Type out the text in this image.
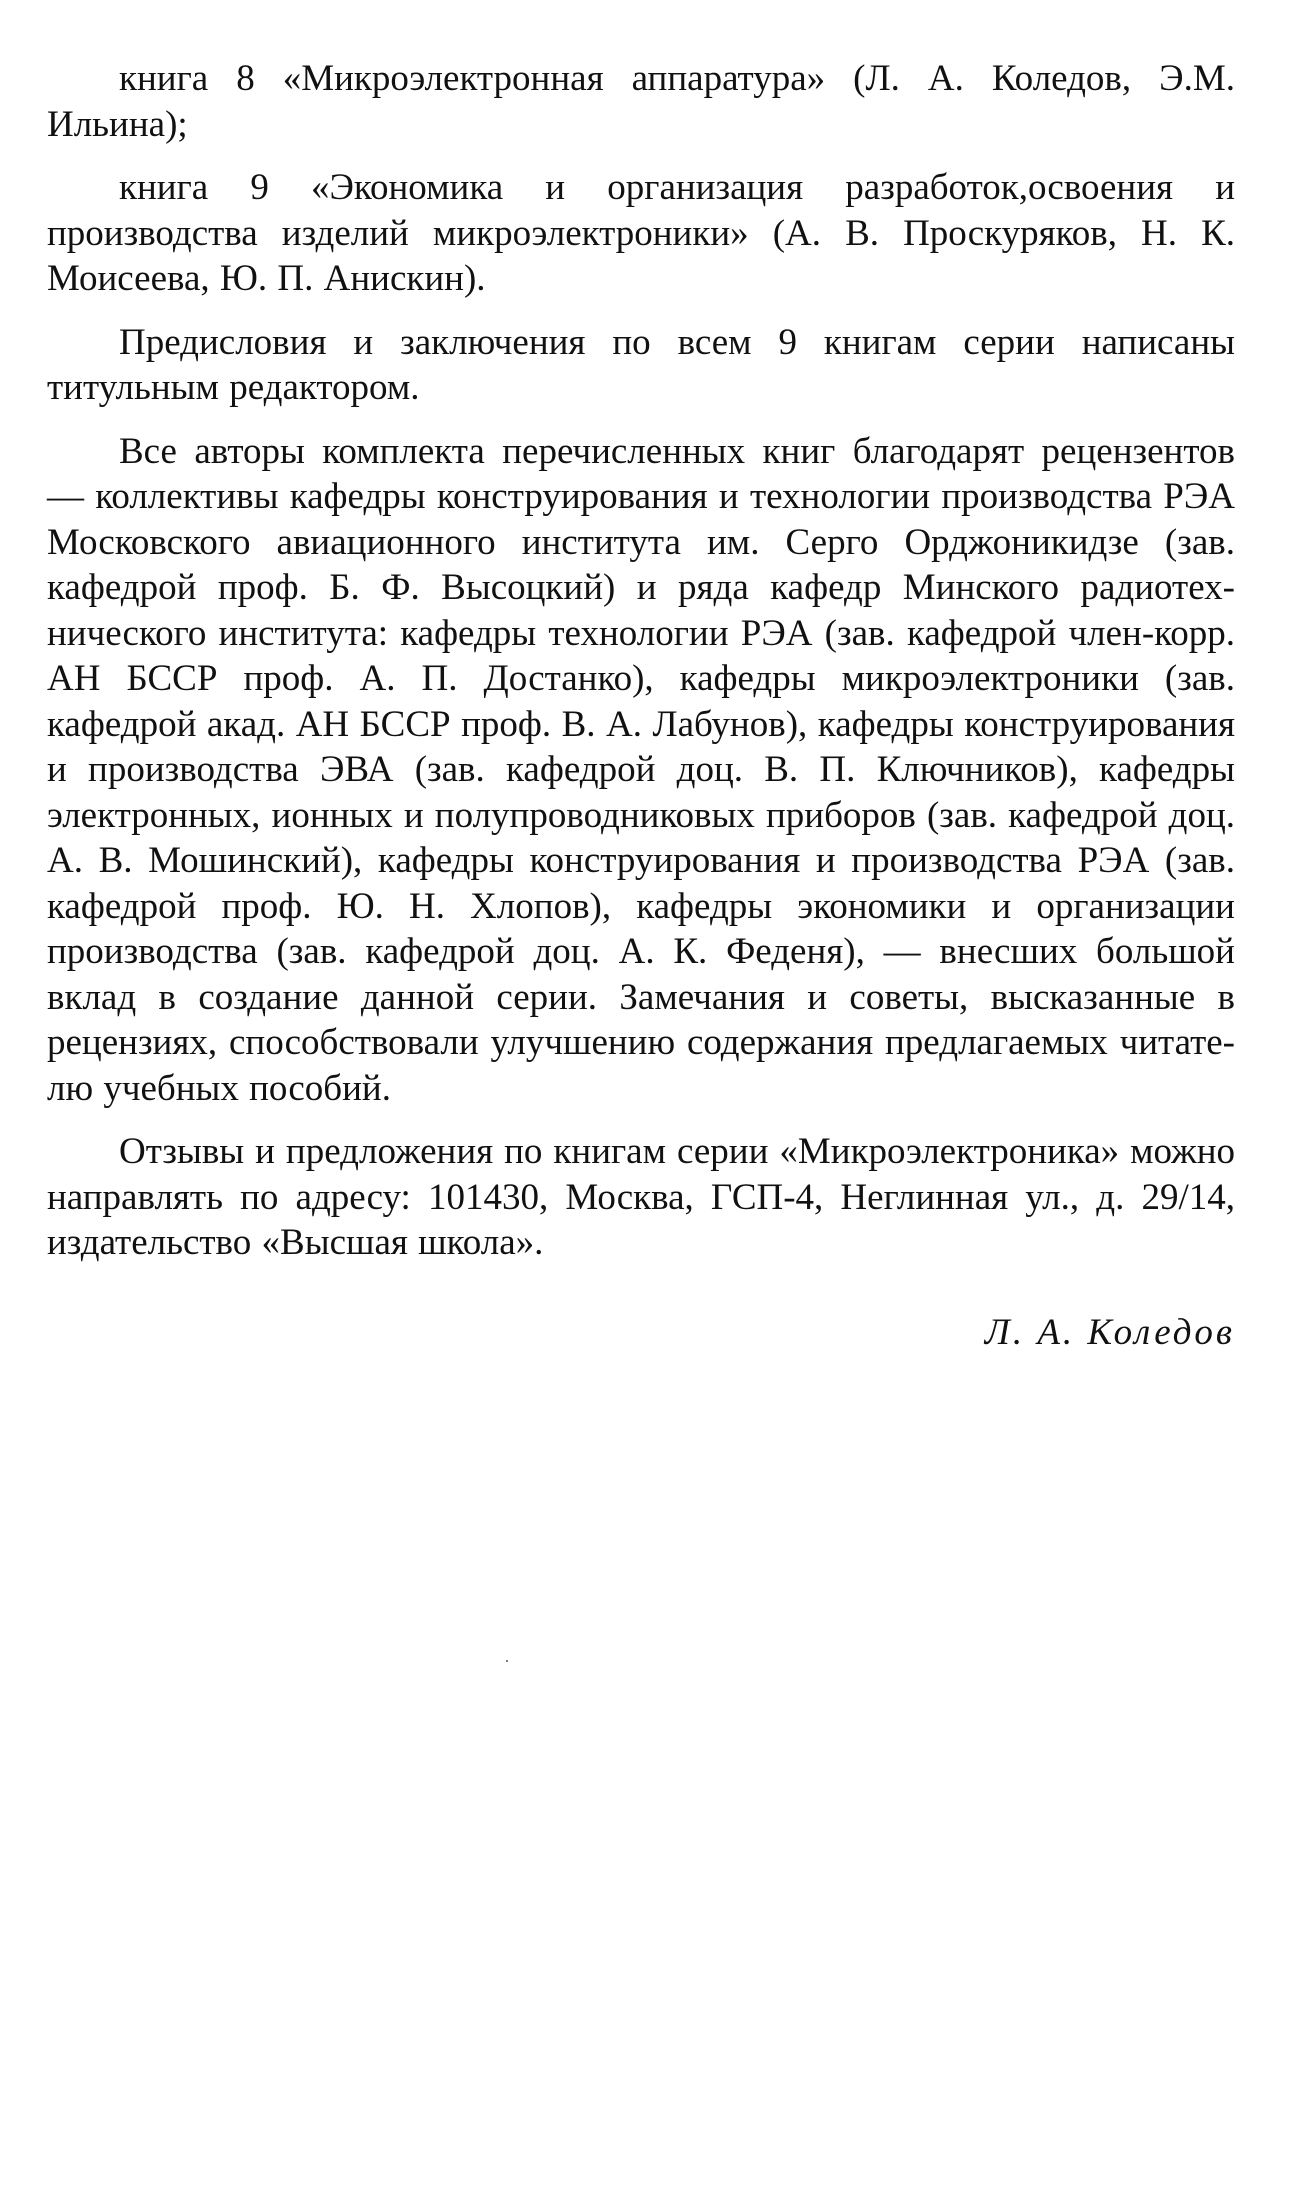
книга 8 «Микроэлектронная аппаратура» (Л. А. Коледов, Э.М. Ильина);

книга 9 «Экономика и организация разработок,освоения и производства изделий микроэлектроники» (А. В. Проскуряков, Н. К. Моисеева, Ю. П. Анискин).

Предисловия и заключения по всем 9 книгам серии написаны титульным редактором.

Все авторы комплекта перечисленных книг благодарят рецензентов — коллективы кафедры конструирования и технологии производства РЭА Московского авиационного института им. Серго Орджоникидзе (зав. кафедрой проф. Б. Ф. Высоцкий) и ряда кафедр Минского радиотехнического института: кафедры технологии РЭА (зав. кафедрой член-корр. АН БССР проф. А. П. Достанко), кафедры микроэлектроники (зав. кафедрой акад. АН БССР проф. В. А. Лабунов), кафедры конструирования и производства ЭВА (зав. кафедрой доц. В. П. Ключников), кафедры электронных, ионных и полупроводниковых приборов (зав. кафедрой доц. А. В. Мошинский), кафедры конструирования и производства РЭА (зав. кафедрой проф. Ю. Н. Хлопов), кафедры экономики и организации производства (зав. кафедрой доц. А. К. Феденя), — внесших большой вклад в создание данной серии. Замечания и советы, высказанные в рецензиях, способствовали улучшению содержания предлагаемых читателю учебных пособий.

Отзывы и предложения по книгам серии «Микроэлектроника» можно направлять по адресу: 101430, Москва, ГСП-4, Неглинная ул., д. 29/14, издательство «Высшая школа».

Л. А. Коледов
